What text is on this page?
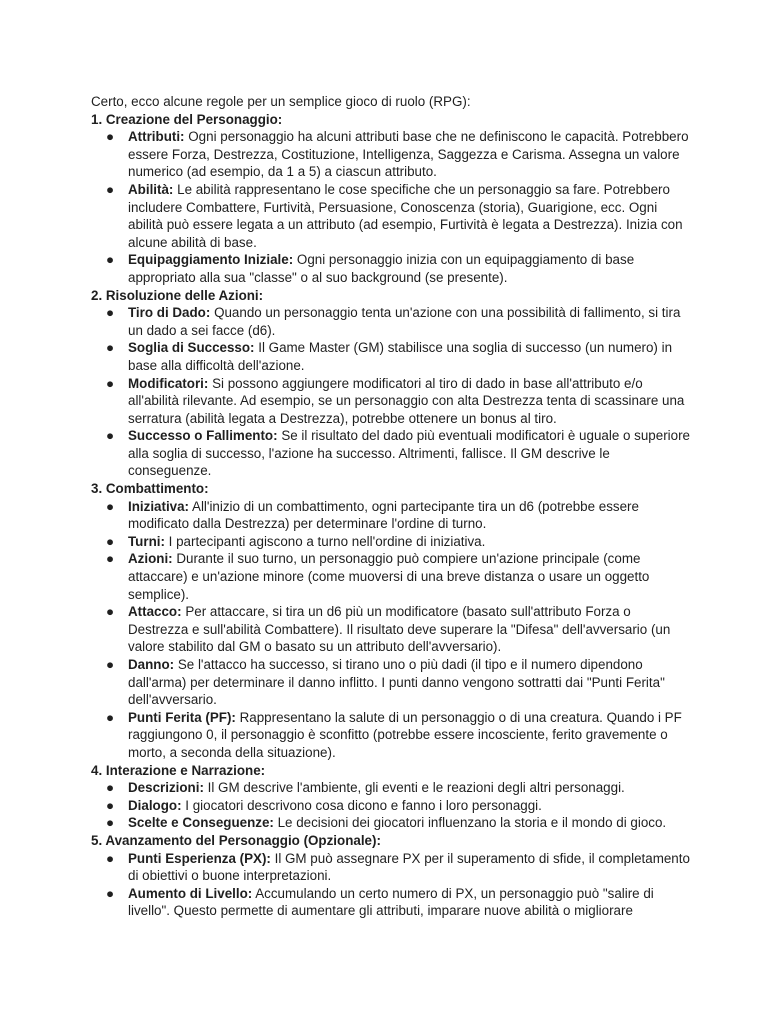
Certo, ecco alcune regole per un semplice gioco di ruolo (RPG):

1. Creazione del Personaggio:

● Attributi: Ogni personaggio ha alcuni attributi base che ne definiscono le capacità. Potrebbero essere Forza, Destrezza, Costituzione, Intelligenza, Saggezza e Carisma. Assegna un valore numerico (ad esempio, da 1 a 5) a ciascun attributo.
● Abilità: Le abilità rappresentano le cose specifiche che un personaggio sa fare. Potrebbero includere Combattere, Furtività, Persuasione, Conoscenza (storia), Guarigione, ecc. Ogni abilità può essere legata a un attributo (ad esempio, Furtività è legata a Destrezza). Inizia con alcune abilità di base.
● Equipaggiamento Iniziale: Ogni personaggio inizia con un equipaggiamento di base appropriato alla sua "classe" o al suo background (se presente).

2. Risoluzione delle Azioni:

● Tiro di Dado: Quando un personaggio tenta un'azione con una possibilità di fallimento, si tira un dado a sei facce (d6).
● Soglia di Successo: Il Game Master (GM) stabilisce una soglia di successo (un numero) in base alla difficoltà dell'azione.
● Modificatori: Si possono aggiungere modificatori al tiro di dado in base all'attributo e/o all'abilità rilevante. Ad esempio, se un personaggio con alta Destrezza tenta di scassinare una serratura (abilità legata a Destrezza), potrebbe ottenere un bonus al tiro.
● Successo o Fallimento: Se il risultato del dado più eventuali modificatori è uguale o superiore alla soglia di successo, l'azione ha successo. Altrimenti, fallisce. Il GM descrive le conseguenze.

3. Combattimento:

● Iniziativa: All'inizio di un combattimento, ogni partecipante tira un d6 (potrebbe essere modificato dalla Destrezza) per determinare l'ordine di turno.
● Turni: I partecipanti agiscono a turno nell'ordine di iniziativa.
● Azioni: Durante il suo turno, un personaggio può compiere un'azione principale (come attaccare) e un'azione minore (come muoversi di una breve distanza o usare un oggetto semplice).
● Attacco: Per attaccare, si tira un d6 più un modificatore (basato sull'attributo Forza o Destrezza e sull'abilità Combattere). Il risultato deve superare la "Difesa" dell'avversario (un valore stabilito dal GM o basato su un attributo dell'avversario).
● Danno: Se l'attacco ha successo, si tirano uno o più dadi (il tipo e il numero dipendono dall'arma) per determinare il danno inflitto. I punti danno vengono sottratti dai "Punti Ferita" dell'avversario.
● Punti Ferita (PF): Rappresentano la salute di un personaggio o di una creatura. Quando i PF raggiungono 0, il personaggio è sconfitto (potrebbe essere incosciente, ferito gravemente o morto, a seconda della situazione).

4. Interazione e Narrazione:

● Descrizioni: Il GM descrive l'ambiente, gli eventi e le reazioni degli altri personaggi.
● Dialogo: I giocatori descrivono cosa dicono e fanno i loro personaggi.
● Scelte e Conseguenze: Le decisioni dei giocatori influenzano la storia e il mondo di gioco.

5. Avanzamento del Personaggio (Opzionale):

● Punti Esperienza (PX): Il GM può assegnare PX per il superamento di sfide, il completamento di obiettivi o buone interpretazioni.
● Aumento di Livello: Accumulando un certo numero di PX, un personaggio può "salire di livello". Questo permette di aumentare gli attributi, imparare nuove abilità o migliorare
